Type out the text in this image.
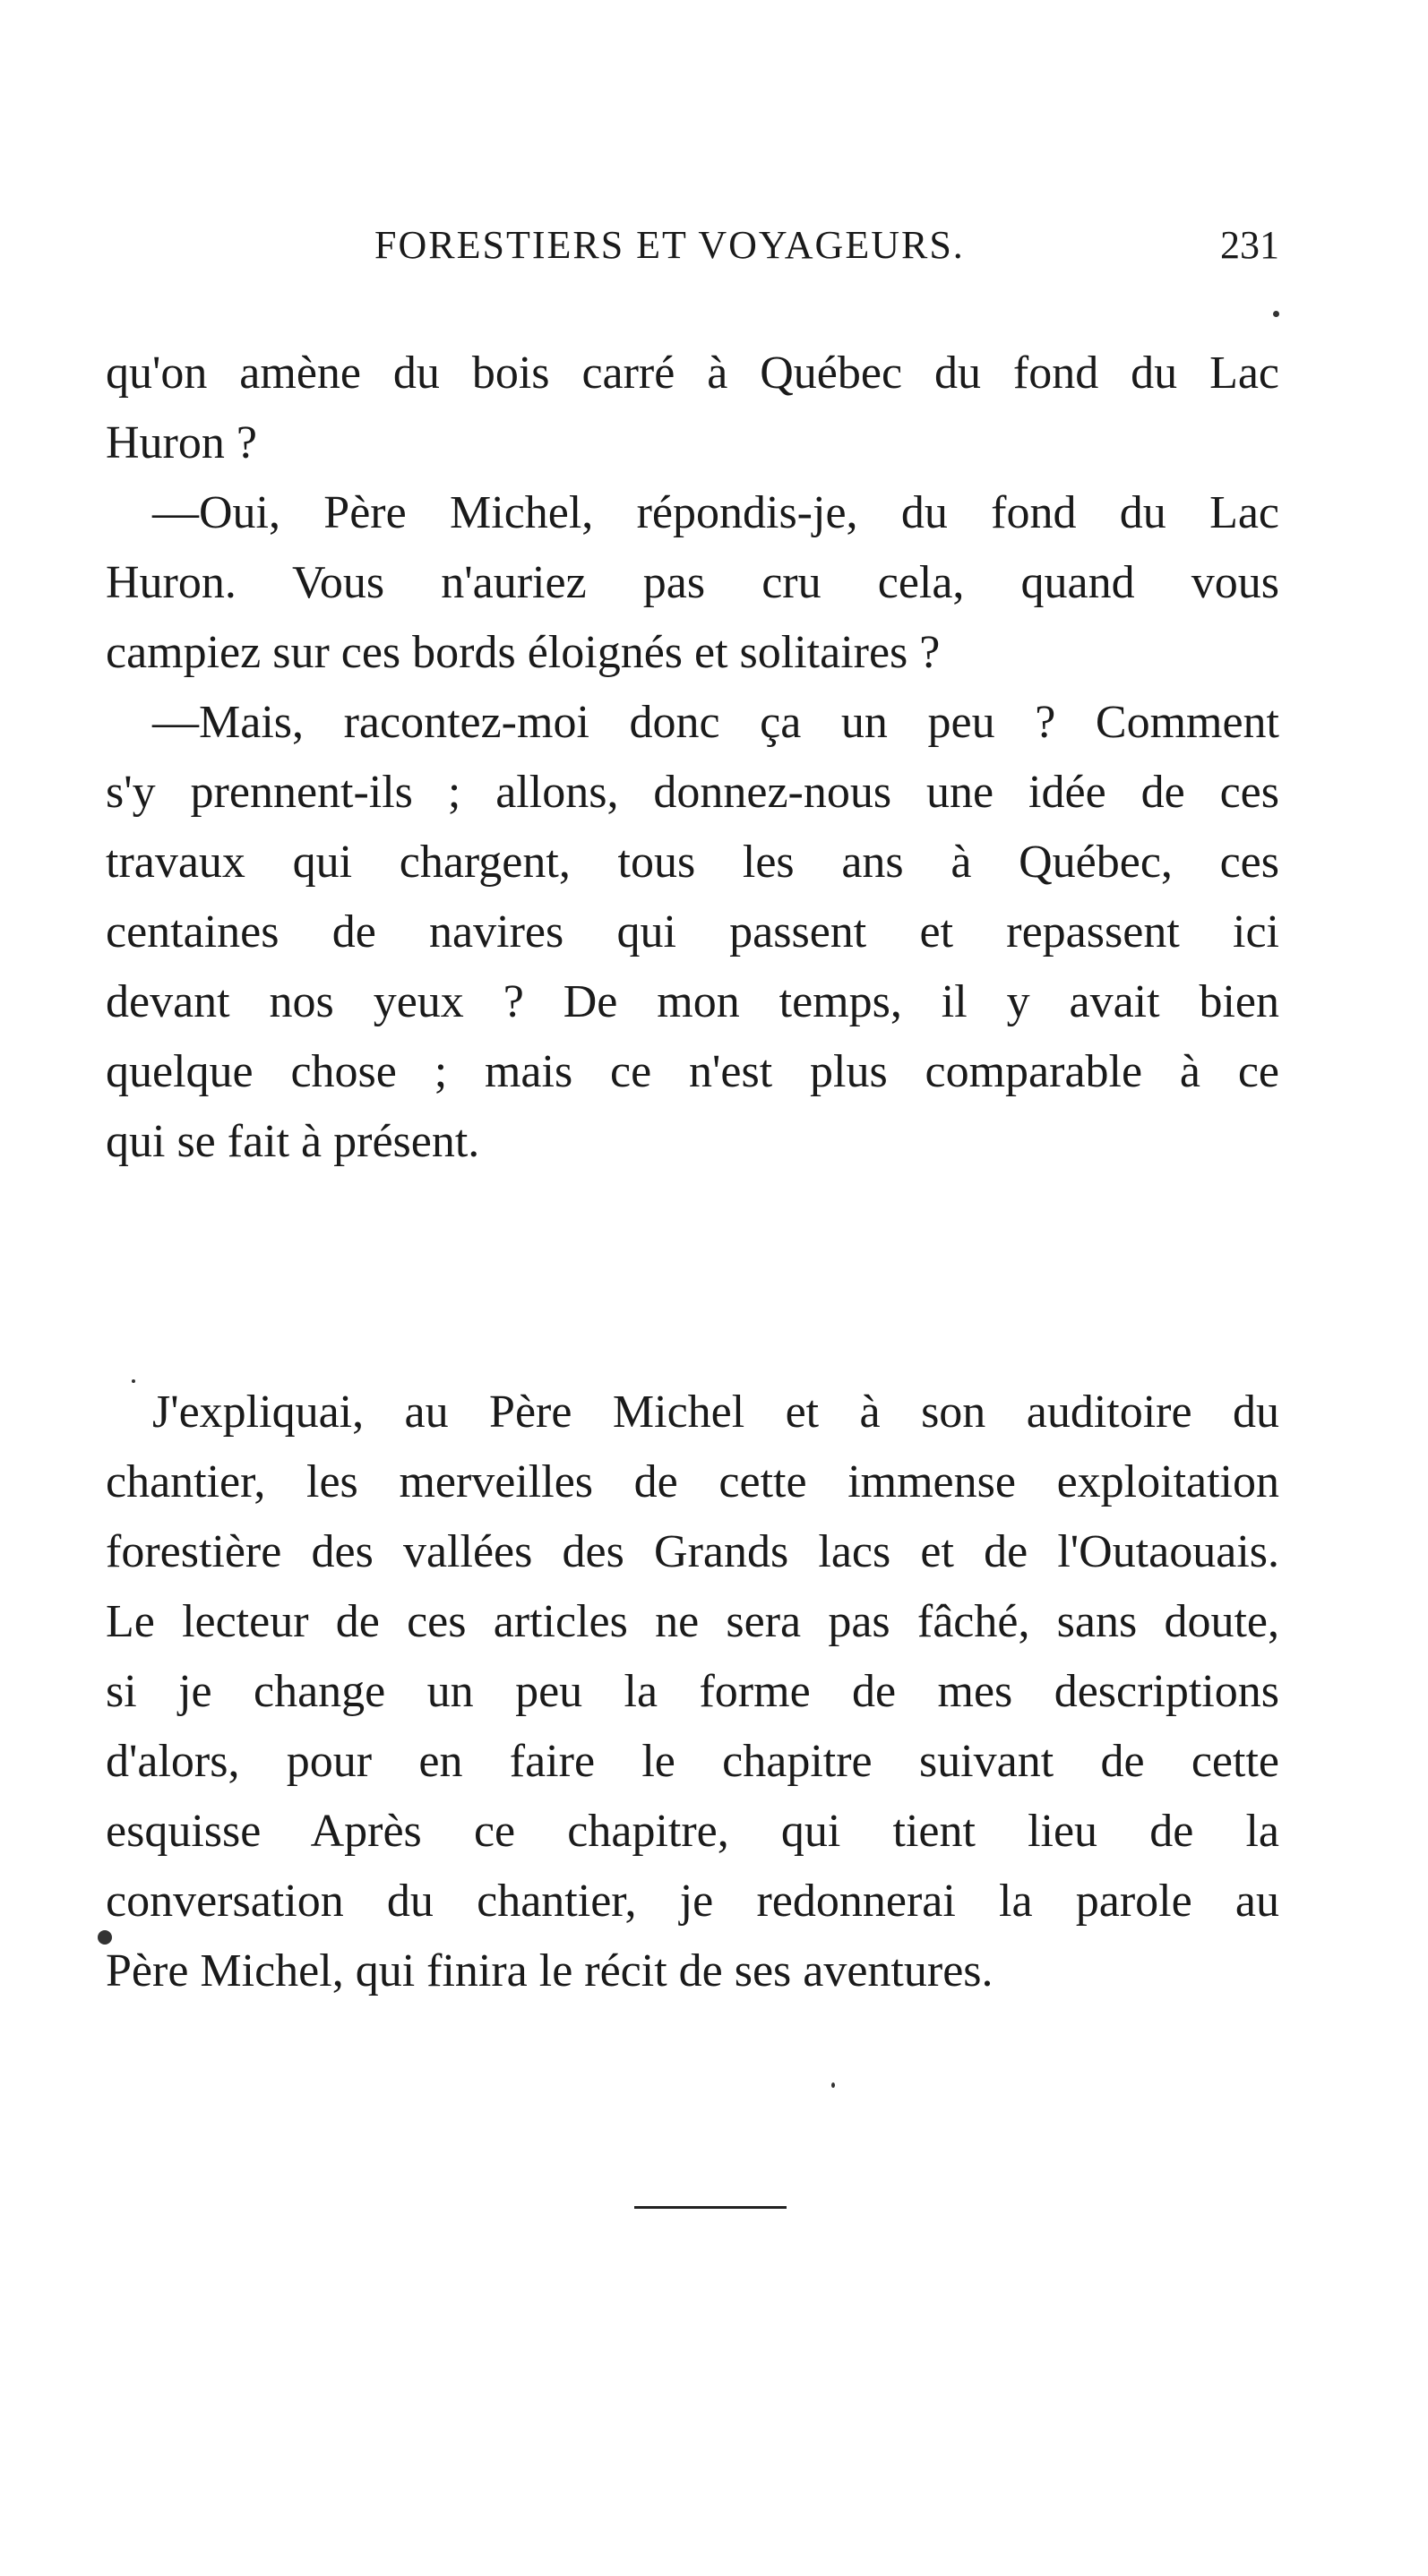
FORESTIERS ET VOYAGEURS.	231
qu'on amène du bois carré à Québec du fond du Lac
Huron ?
—Oui, Père Michel, répondis-je, du fond du Lac
Huron. Vous n'auriez pas cru cela, quand vous
campiez sur ces bords éloignés et solitaires ?
—Mais, racontez-moi donc ça un peu ? Comment
s'y prennent-ils ; allons, donnez-nous une idée de ces
travaux qui chargent, tous les ans à Québec, ces
centaines de navires qui passent et repassent ici
devant nos yeux ? De mon temps, il y avait bien
quelque chose ; mais ce n'est plus comparable à ce
qui se fait à présent.
J'expliquai, au Père Michel et à son auditoire du
chantier, les merveilles de cette immense exploitation
forestière des vallées des Grands lacs et de l'Outaouais.
Le lecteur de ces articles ne sera pas fâché, sans doute,
si je change un peu la forme de mes descriptions
d'alors, pour en faire le chapitre suivant de cette
esquisse Après ce chapitre, qui tient lieu de la
conversation du chantier, je redonnerai la parole au
Père Michel, qui finira le récit de ses aventures.
